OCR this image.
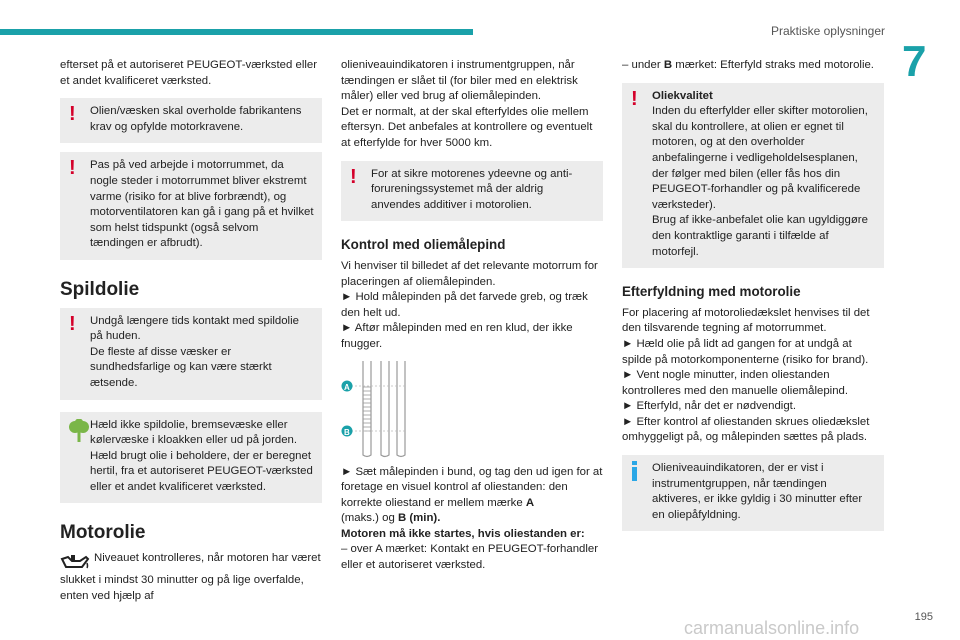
Praktiske oplysninger
7

efterset på et autoriseret PEUGEOT-værksted eller et andet kvalificeret værksted.

!	Olien/væsken skal overholde fabrikantens krav og opfylde motorkravene.

!	Pas på ved arbejde i motorrummet, da nogle steder i motorrummet bliver ekstremt varme (risiko for at blive forbrændt), og motorventilatoren kan gå i gang på et hvilket som helst tidspunkt (også selvom tændingen er afbrudt).

Spildolie
!	Undgå længere tids kontakt med spildolie på huden.
De fleste af disse væsker er sundhedsfarlige og kan være stærkt ætsende.

Hæld ikke spildolie, bremsevæske eller kølervæske i kloakken eller ud på jorden.
Hæld brugt olie i beholdere, der er beregnet hertil, fra et autoriseret PEUGEOT-værksted eller et andet kvalificeret værksted.

Motorolie

Niveauet kontrolleres, når motoren har været slukket i mindst 30 minutter og på lige overfalde, enten ved hjælp af

olieniveauindikatoren i instrumentgruppen, når tændingen er slået til (for biler med en elektrisk måler) eller ved brug af oliemålepinden.
Det er normalt, at der skal efterfyldes olie mellem eftersyn. Det anbefales at kontrollere og eventuelt at efterfylde for hver 5000 km.

!	For at sikre motorenes ydeevne og anti-forureningssystemet må der aldrig anvendes additiver i motorolien.

Kontrol med oliemålepind

Vi henviser til billedet af det relevante motorrum for placeringen af oliemålepinden.
► Hold målepinden på det farvede greb, og træk den helt ud.
► Aftør målepinden med en ren klud, der ikke fnugger.

A
B

► Sæt målepinden i bund, og tag den ud igen for at foretage en visuel kontrol af oliestanden: den korrekte oliestand er mellem mærke A
(maks.) og B (min).

Motoren må ikke startes, hvis oliestanden er:

– over A mærket: Kontakt en PEUGEOT-forhandler eller et autoriseret værksted.

– under B mærket: Efterfyld straks med motorolie.

!	Oliekvalitet

Inden du efterfylder eller skifter motorolien, skal du kontrollere, at olien er egnet til motoren, og at den overholder anbefalingerne i vedligeholdelsesplanen, der følger med bilen (eller fås hos din PEUGEOT-forhandler og på kvalificerede værksteder).
Brug af ikke-anbefalet olie kan ugyldiggøre den kontraktlige garanti i tilfælde af motorfejl.

Efterfyldning med motorolie

For placering af motoroliedækslet henvises til det den tilsvarende tegning af motorrummet.
► Hæld olie på lidt ad gangen for at undgå at spilde på motorkomponenterne (risiko for brand).
► Vent nogle minutter, inden oliestanden kontrolleres med den manuelle oliemålepind.
► Efterfyld, når det er nødvendigt.
► Efter kontrol af oliestanden skrues oliedækslet omhyggeligt på, og målepinden sættes på plads.

Olieniveauindikatoren, der er vist i instrumentgruppen, når tændingen aktiveres, er ikke gyldig i 30 minutter efter en oliepåfyldning.

195
carmanualsonline.info
